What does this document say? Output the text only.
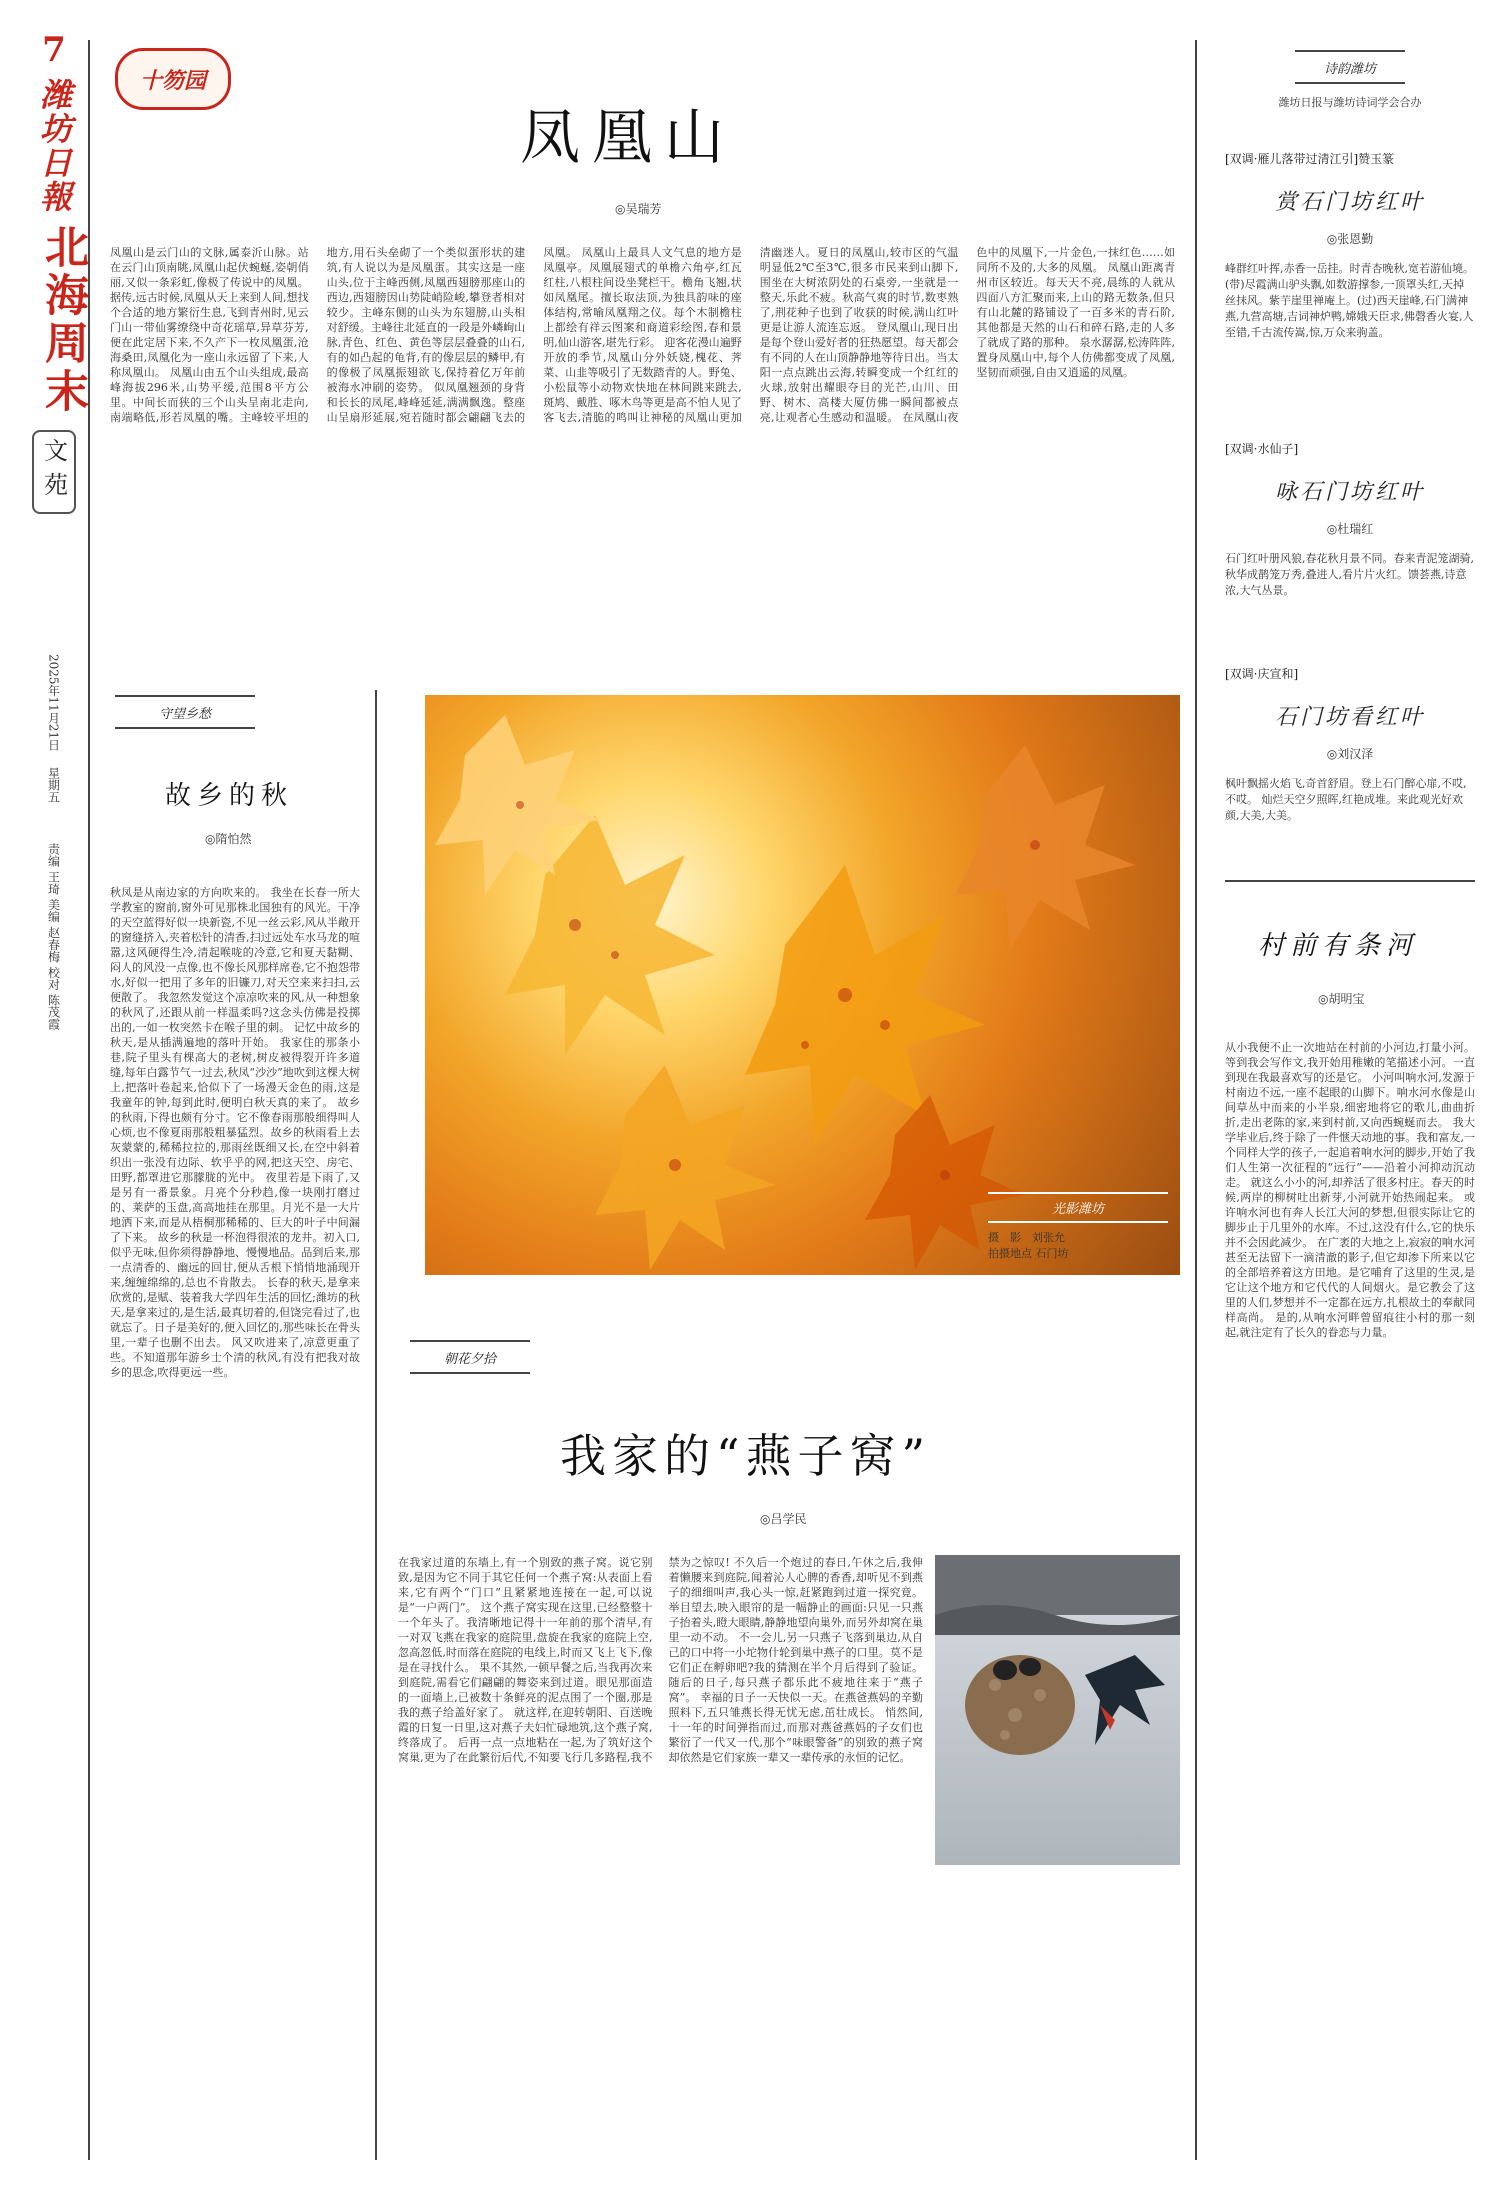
7
潍坊日報
北海周末
文苑
2025年11月21日
星期五
责编 王琦 美编 赵春梅 校对 陈茂霞
十笏园
凤凰山
◎ 吴瑞芳
凤凰山是云门山的文脉,属泰沂山脉。站在云门山顶南眺,凤凰山起伏蜿蜒,姿朝俏丽,又似一条彩虹,像极了传说中的凤凰。 据传,远古时候,凤凰从天上来到人间,想找个合适的地方繁衍生息,飞到青州时,见云门山一带仙雾缭绕中奇花瑶草,异草芬芳,便在此定居下来,不久产下一枚凤凰蛋,沧海桑田,凤凰化为一座山永远留了下来,人称凤凰山。 凤凰山由五个山头组成,最高峰海拔296米,山势平缓,范围8平方公里。中间长而狭的三个山头呈南北走向,南端略低,形若凤凰的嘴。主峰较平坦的地方,用石头垒砌了一个类似蛋形状的建筑,有人说以为是凤凰蛋。其实这是一座山头,位于主峰西侧,凤凰西翅膀那座山的西边,西翅膀因山势陡峭险峻,攀登者相对较少。主峰东侧的山头为东翅膀,山头相对舒缓。主峰往北延直的一段是外嶙峋山脉,青色、红色、黄色等层层叠叠的山石,有的如凸起的龟背,有的像层层的鳞甲,有的像极了凤凰振翅欲飞,保持着亿万年前被海水冲刷的姿势。 似凤凰翘颈的身背和长长的凤尾,峰峰延延,满满飘逸。整座山呈扇形延展,宛若随时都会翩翩飞去的凤凰。 凤凰山上最具人文气息的地方是凤凰亭。凤凰展翅式的单檐六角亭,红瓦红柱,八根柱间设坐凳栏干。檐角飞翘,状如凤凰尾。擅长取法顶,为独具韵味的座体结构,常喻凤凰翔之仪。每个木制檐柱上都绘有祥云图案和商道彩绘图,春和景明,仙山游客,堪先行彩。 迎客花漫山遍野开放的季节,凤凰山分外妖娆,槐花、荠菜、山韭等吸引了无数踏青的人。野兔、小松鼠等小动物欢快地在林间跳来跳去,斑鸠、戴胜、啄木鸟等更是高不怕人见了客飞去,清脆的鸣叫让神秘的凤凰山更加清幽迷人。夏日的凤凰山,较市区的气温明显低2℃至3℃,很多市民来到山脚下,围坐在大树浓阴处的石桌旁,一坐就是一整天,乐此不疲。秋高气爽的时节,数枣熟了,荆花种子也到了收获的时候,满山红叶更是让游人流连忘返。 登凤凰山,现日出是每个登山爱好者的狂热愿望。每天都会有不同的人在山顶静静地等待日出。当太阳一点点跳出云海,转瞬变成一个红红的火球,放射出耀眼夺目的光芒,山川、田野、树木、高楼大厦仿佛一瞬间都被点亮,让观者心生感动和温暖。 在凤凰山夜色中的凤凰下,一片金色,一抹红色……如同所不及的,大多的凤凰。 凤凰山距离青州市区较近。每天天不亮,晨练的人就从四面八方汇聚而来,上山的路无数条,但只有山北麓的路铺设了一百多米的青石阶,其他都是天然的山石和碎石路,走的人多了就成了路的那种。 泉水潺潺,松涛阵阵,置身凤凰山中,每个人仿佛都变成了凤凰,坚韧而顽强,自由又逍遥的凤凰。
守望乡愁
故乡的秋
◎ 隋怕然
秋凤是从南边家的方向吹来的。 我坐在长春一所大学教室的窗前,窗外可见那株北国独有的风光。干净的天空蓝得好似一块新瓷,不见一丝云彩,风从半敞开的窗缝挤入,夹着松针的清香,扫过远处车水马龙的喧嚣,这风硬得生冷,清起喉咙的冷意,它和夏天黏糊、闷人的风没一点像,也不像长风那样席卷,它不抱怨带水,好似一把用了多年的旧镰刀,对天空来来扫扫,云便散了。 我忽然发觉这个凉凉吹来的风,从一种想象的秋风了,还跟从前一样温柔吗?这念头仿佛是投掷出的,一如一枚突然卡在喉子里的刺。 记忆中故乡的秋天,是从插满遍地的落叶开始。 我家住的那条小巷,院子里头有棵高大的老树,树皮被得裂开许多道缝,每年白露节气一过去,秋凤“沙沙”地吹到这棵大树上,把落叶卷起来,恰似下了一场漫天金色的雨,这是我童年的钟,每到此时,便明白秋天真的来了。 故乡的秋雨,下得也颇有分寸。它不像春雨那般细得叫人心烦,也不像夏雨那般粗暴猛烈。故乡的秋雨看上去灰蒙蒙的,稀稀拉拉的,那雨丝既细又长,在空中斜着织出一张没有边际、软乎乎的网,把这天空、房宅、田野,都罩进它那朦胧的光中。 夜里若是下雨了,又是另有一番景象。月亮个分秒趋,像一块刚打磨过的、莱萨的玉盘,高高地挂在那里。月光不是一大片地洒下来,而是从梧桐那稀稀的、巨大的叶子中间漏了下来。 故乡的秋是一杯泡得很浓的龙井。初入口,似乎无味,但你须得静静地、慢慢地品。品到后来,那一点清香的、幽远的回甘,便从舌根下悄悄地涌现开来,缠缠绵绵的,总也不肯散去。 长春的秋天,是拿来欣赏的,是赋、装着我大学四年生活的回忆;潍坊的秋天,是拿来过的,是生活,最真切着的,但饶完看过了,也就忘了。日子是美好的,便入回忆的,那些味长在骨头里,一辈子也删不出去。 风又吹进来了,凉意更重了些。不知道那年游乡士个清的秋风,有没有把我对故乡的思念,吹得更远一些。
光影潍坊
摄　影　刘张允
拍摄地点 石门坊
朝花夕拾
我家的“燕子窝”
◎ 吕学民
在我家过道的东墙上,有一个别致的燕子窝。说它别致,是因为它不同于其它任何一个燕子窝:从表面上看来,它有两个“门口”且紧紧地连接在一起,可以说是“一户两门”。 这个燕子窝实现在这里,已经整整十一个年头了。我清晰地记得十一年前的那个清早,有一对双飞燕在我家的庭院里,盘旋在我家的庭院上空,忽高忽低,时而落在庭院的电线上,时而又飞上飞下,像是在寻找什么。 果不其然,一顿早餐之后,当我再次来到庭院,需看它们翩翩的舞姿来到过道。眼见那面造的一面墙上,已被数十条鲜亮的泥点围了一个圈,那是我的燕子给盖好家了。 就这样,在迎转朝阳、百送晚霞的日复一日里,这对燕子夫妇忙碌地筑,这个燕子窝,终落成了。 后再一点一点地粘在一起,为了筑好这个窝巢,更为了在此繁衍后代,不知要飞行几多路程,我不禁为之惊叹! 不久后一个炮过的春日,午休之后,我伸着懒腰来到庭院,闻着沁人心脾的香香,却听见不到燕子的细细叫声,我心头一惊,赶紧跑到过道一探究竟。举目望去,映入眼帘的是一幅静止的画面:只见一只燕子抬着头,瞪大眼睛,静静地望向巢外,而另外却窝在巢里一动不动。 不一会儿,另一只燕子飞落到巢边,从自己的口中将一小坨物什轮到巢中燕子的口里。莫不是它们正在孵卵吧?我的猜测在半个月后得到了验证。 随后的日子,每只燕子都乐此不疲地往来于“燕子窝”。 幸福的日子一天快似一天。在燕爸燕妈的辛勤照料下,五只雏燕长得无忧无虑,茁壮成长。 悄然间,十一年的时间弹指而过,而那对燕爸燕妈的子女们也繁衍了一代又一代,那个“味眼警备”的别致的燕子窝却依然是它们家族一辈又一辈传承的永恒的记忆。
诗韵潍坊
潍坊日报与潍坊诗词学会合办
[双调·雁儿落带过清江引]赞玉篆
赏石门坊红叶
◎ 张恩勤
峰群红叶挥,赤香一岳挂。时青杏晚秋,宽若游仙境。(带)尽霞满山驴头飘,如数游撑参,一顶罩头红,天掉丝抹风。紫芋崖里禅庵上。(过)西天崖峰,石门满神燕,九营高塘,吉词神炉鸭,嫦娥天臣求,佛磬香火宴,人至错,千古流传嵩,惊,万众来驹盖。
[双调·水仙子]
咏石门坊红叶
◎ 杜瑞红
石门红叶册风狼,春花秋月景不同。春来青泥笼湖骑,秋华成鹊笼万秀,叠进人,看片片火红。馈荟燕,诗意浓,大气丛景。
[双调·庆宣和]
石门坊看红叶
◎ 刘汉泽
枫叶飘摇火焰飞,奇首舒眉。登上石门醉心扉,不哎,不哎。 灿烂天空夕照晖,红艳成堆。来此观光好欢颜,大美,大美。
村前有条河
◎ 胡明宝
从小我便不止一次地站在村前的小河边,打量小河。等到我会写作文,我开始用稚嫩的笔描述小河。一直到现在我最喜欢写的还是它。 小河叫响水河,发源于村南边不远,一座不起眼的山脚下。响水河水像是山间草丛中而来的小半泉,细密地将它的歌儿,曲曲折折,走出老陈的家,来到村前,又向西蜿蜒而去。 我大学毕业后,终于除了一件惬天动地的事。我和富友,一个同样大学的孩子,一起追着响水河的脚步,开始了我们人生第一次征程的“远行”——沿着小河抑动沉动走。 就这么小小的河,却养活了很多村庄。春天的时候,两岸的柳树吐出新芽,小河就开始热闹起来。 或许响水河也有奔人长江大河的梦想,但很实际让它的脚步止于几里外的水库。不过,这没有什么,它的快乐并不会因此减少。 在广袤的大地之上,寂寂的响水河甚至无法留下一滴清澈的影子,但它却渗下所来以它的全部培养着这方田地。是它哺育了这里的生灵,是它让这个地方和它代代的人间烟火。是它教会了这里的人们,梦想并不一定都在远方,扎根故土的奉献同样高尚。 是的,从响水河畔曾留痕往小村的那一刻起,就注定有了长久的眷恋与力量。
